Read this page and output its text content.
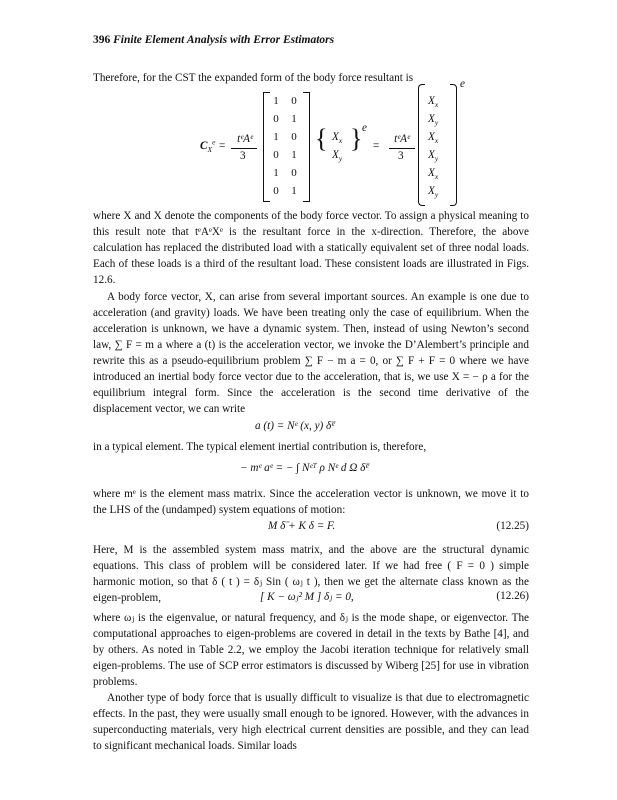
396 Finite Element Analysis with Error Estimators
Therefore, for the CST the expanded form of the body force resultant is
$C_X^e$ =
tᵉAᵉ
3
1	0
0	1
1	0
0	1
1	0
0	1
{ $X_x$
$X_y$
} e
=
tᵉAᵉ
3
e
$X_x$
$X_y$
$X_x$
$X_y$
$X_x$
$X_y$
where X and X denote the components of the body force vector. To assign a physical meaning to this result note that tᵉAᵉXᵉ is the resultant force in the x-direction. Therefore, the above calculation has replaced the distributed load with a statically equivalent set of three nodal loads. Each of these loads is a third of the resultant load. These consistent loads are illustrated in Figs. 12.6.
A body force vector, X, can arise from several important sources. An example is one due to acceleration (and gravity) loads. We have been treating only the case of equilibrium. When the acceleration is unknown, we have a dynamic system. Then, instead of using Newton’s second law, ∑ F = m a where a (t) is the acceleration vector, we invoke the D’Alembert’s principle and rewrite this as a pseudo-equilibrium problem ∑ F − m a = 0, or ∑ F + F = 0 where we have introduced an inertial body force vector due to the acceleration, that is, we use X = − ρ a for the equilibrium integral form. Since the acceleration is the second time derivative of the displacement vector, we can write
a (t) = Nᵉ (x, y) δ̈ᵉ
in a typical element. The typical element inertial contribution is, therefore,
− mᵉ aᵉ = − ∫ Nᵉᵀ ρ Nᵉ d Ω δ̈ᵉ
where mᵉ is the element mass matrix. Since the acceleration vector is unknown, we move it to the LHS of the (undamped) system equations of motion:
M δ̈ + K δ = F.	(12.25)
Here, M is the assembled system mass matrix, and the above are the structural dynamic equations. This class of problem will be considered later. If we had free ( F = 0 ) simple harmonic motion, so that δ ( t ) = δⱼ Sin ( ωⱼ t ), then we get the alternate class known as the eigen-problem,	[ K − ωⱼ² M ] δⱼ = 0,	(12.26)
where ωⱼ is the eigenvalue, or natural frequency, and δⱼ is the mode shape, or eigenvector. The computational approaches to eigen-problems are covered in detail in the texts by Bathe [4], and by others. As noted in Table 2.2, we employ the Jacobi iteration technique for relatively small eigen-problems. The use of SCP error estimators is discussed by Wiberg [25] for use in vibration problems.
Another type of body force that is usually difficult to visualize is that due to electromagnetic effects. In the past, they were usually small enough to be ignored. However, with the advances in superconducting materials, very high electrical current densities are possible, and they can lead to significant mechanical loads. Similar loads
